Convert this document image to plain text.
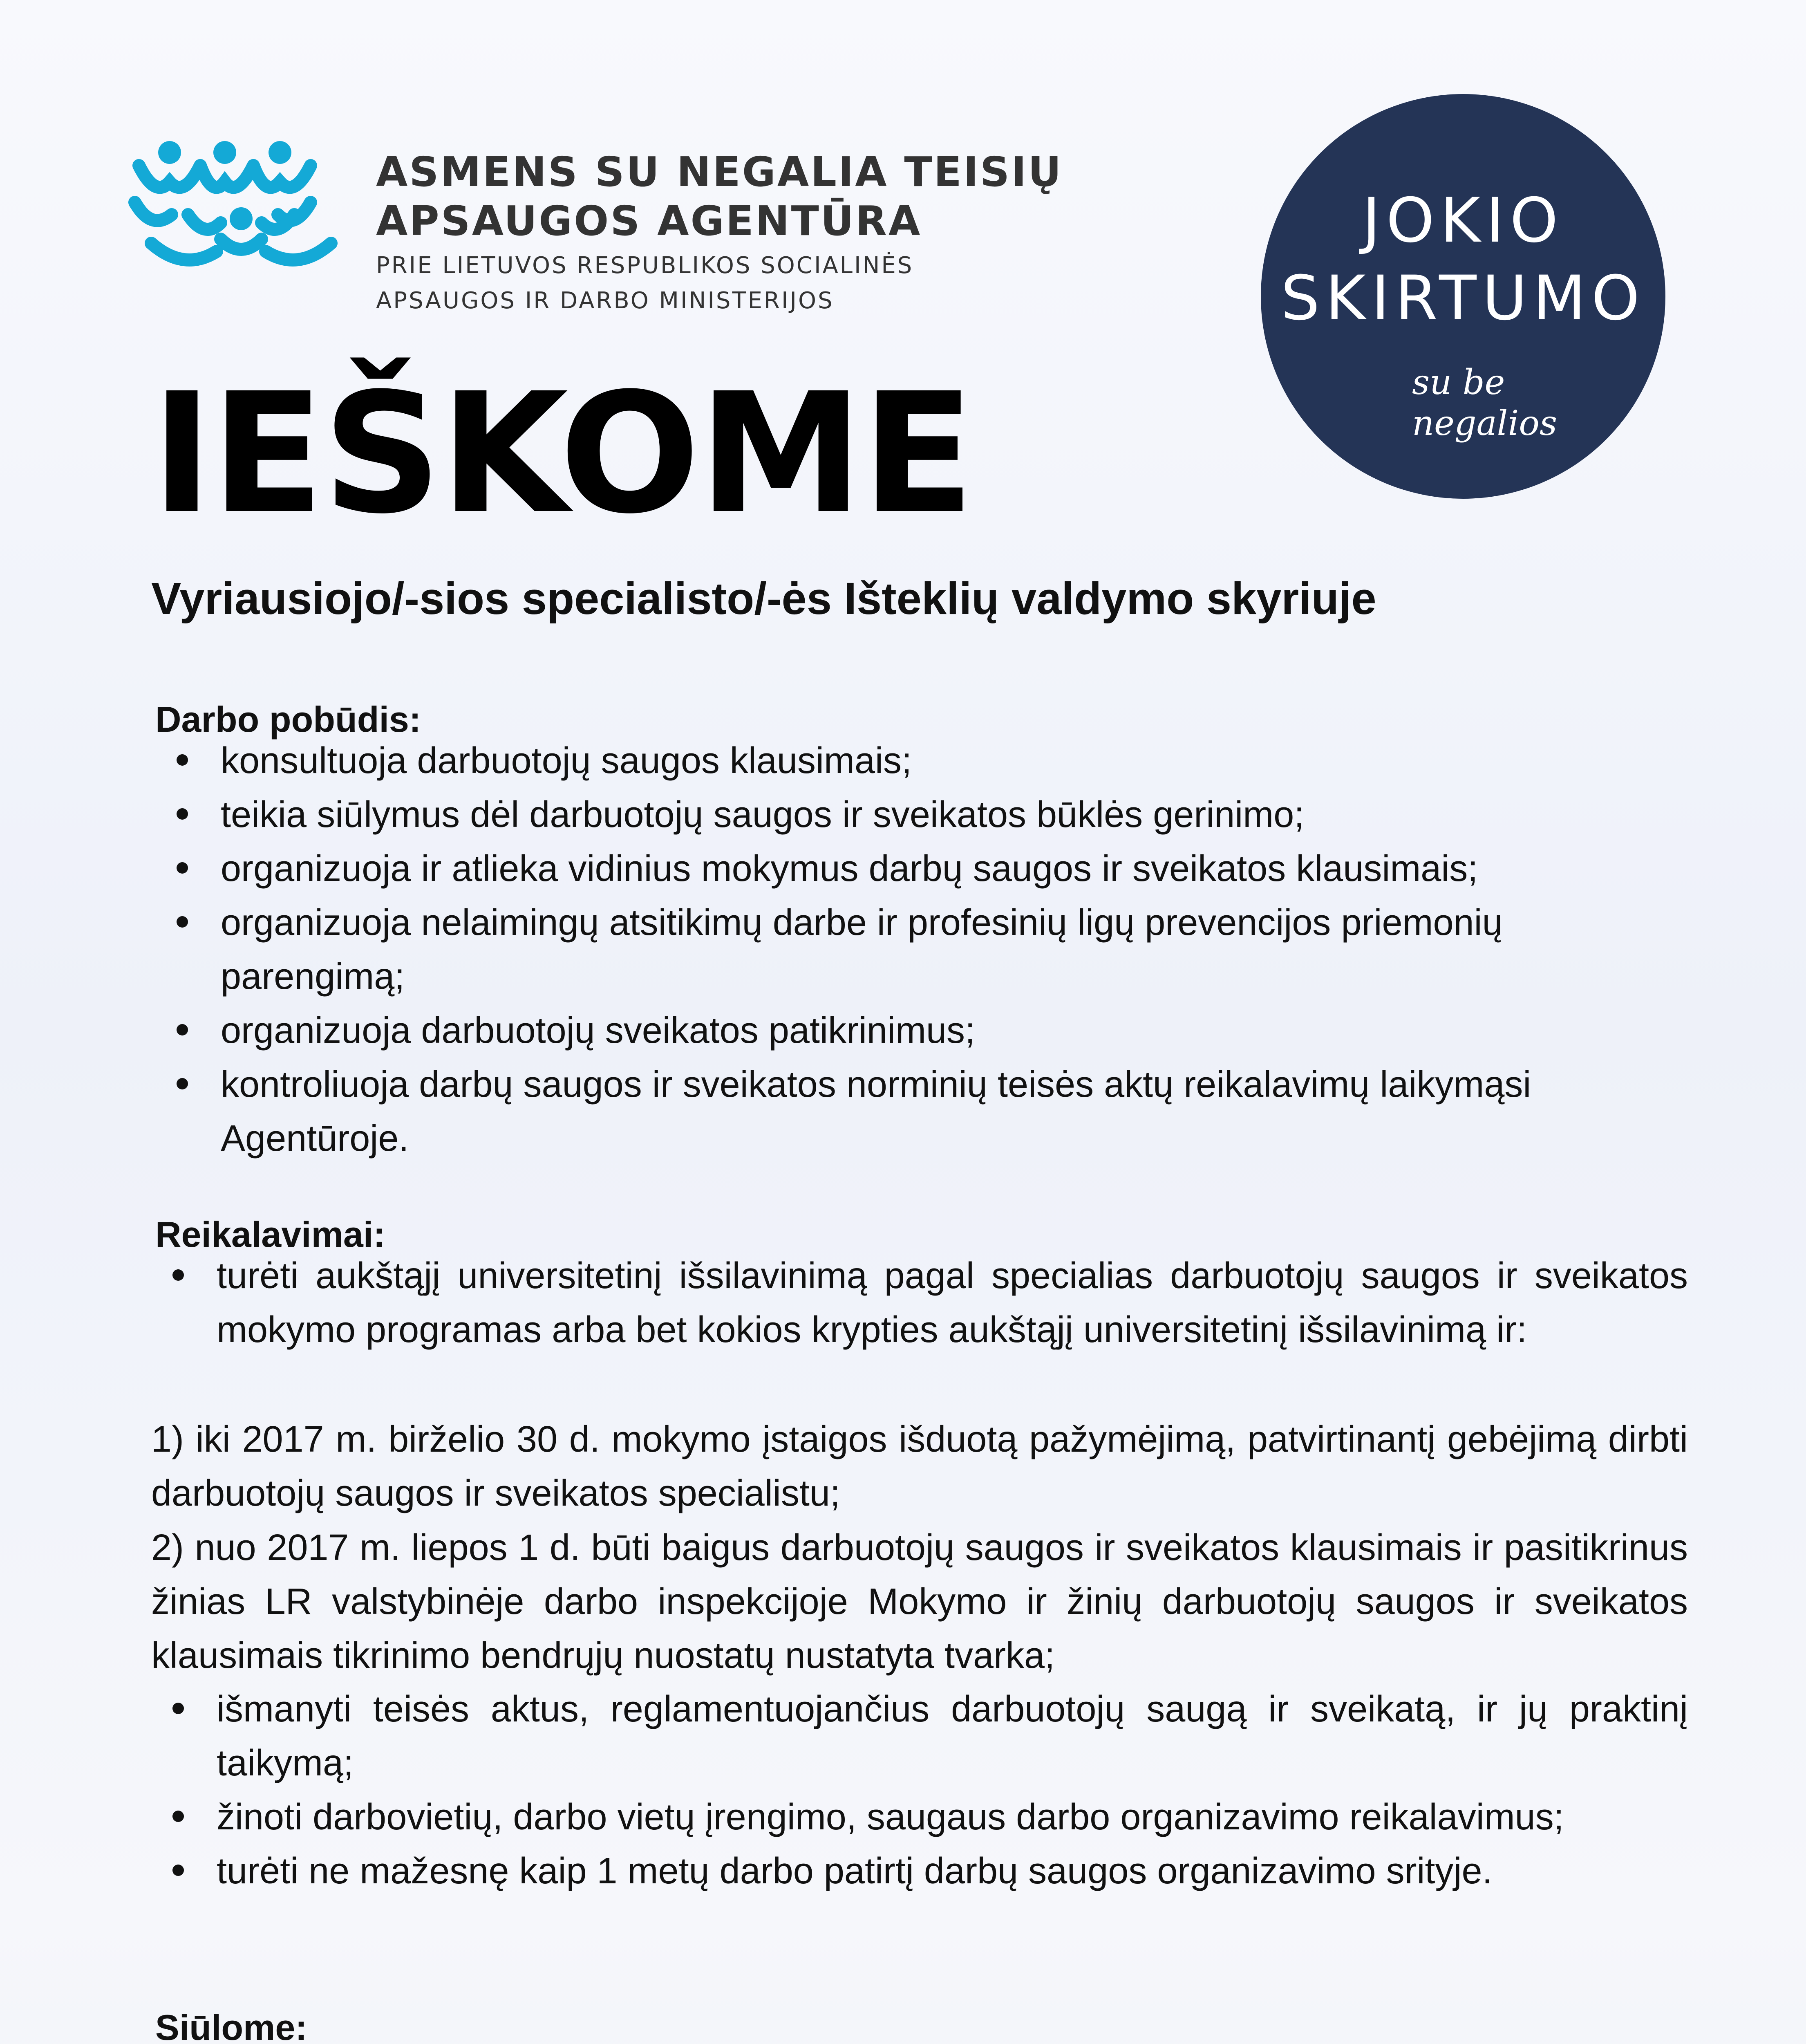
ASMENS SU NEGALIA TEISIŲ
APSAUGOS AGENTŪRA
PRIE LIETUVOS RESPUBLIKOS SOCIALINĖS
APSAUGOS IR DARBO MINISTERIJOS
JOKIO
SKIRTUMO
su be negalios
IEŠKOME
Vyriausiojo/-sios specialisto/-ės Išteklių valdymo skyriuje
Darbo pobūdis:
konsultuoja darbuotojų saugos klausimais;
teikia siūlymus dėl darbuotojų saugos ir sveikatos būklės gerinimo;
organizuoja ir atlieka vidinius mokymus darbų saugos ir sveikatos klausimais;
organizuoja nelaimingų atsitikimų darbe ir profesinių ligų prevencijos priemonių parengimą;
organizuoja darbuotojų sveikatos patikrinimus;
kontroliuoja darbų saugos ir sveikatos norminių teisės aktų reikalavimų laikymąsi Agentūroje.
Reikalavimai:
turėti aukštąjį universitetinį išsilavinimą pagal specialias darbuotojų saugos ir sveikatos mokymo programas arba bet kokios krypties aukštąjį universitetinį išsilavinimą ir:
1) iki 2017 m. birželio 30 d. mokymo įstaigos išduotą pažymėjimą, patvirtinantį gebėjimą dirbti darbuotojų saugos ir sveikatos specialistu;
2) nuo 2017 m. liepos 1 d. būti baigus darbuotojų saugos ir sveikatos klausimais ir pasitikrinus žinias LR valstybinėje darbo inspekcijoje Mokymo ir žinių darbuotojų saugos ir sveikatos klausimais tikrinimo bendrųjų nuostatų nustatyta tvarka;
išmanyti teisės aktus, reglamentuojančius darbuotojų saugą ir sveikatą, ir jų praktinį taikymą;
žinoti darbovietių, darbo vietų įrengimo, saugaus darbo organizavimo reikalavimus;
turėti ne mažesnę kaip 1 metų darbo patirtį darbų saugos organizavimo srityje.
Siūlome:
